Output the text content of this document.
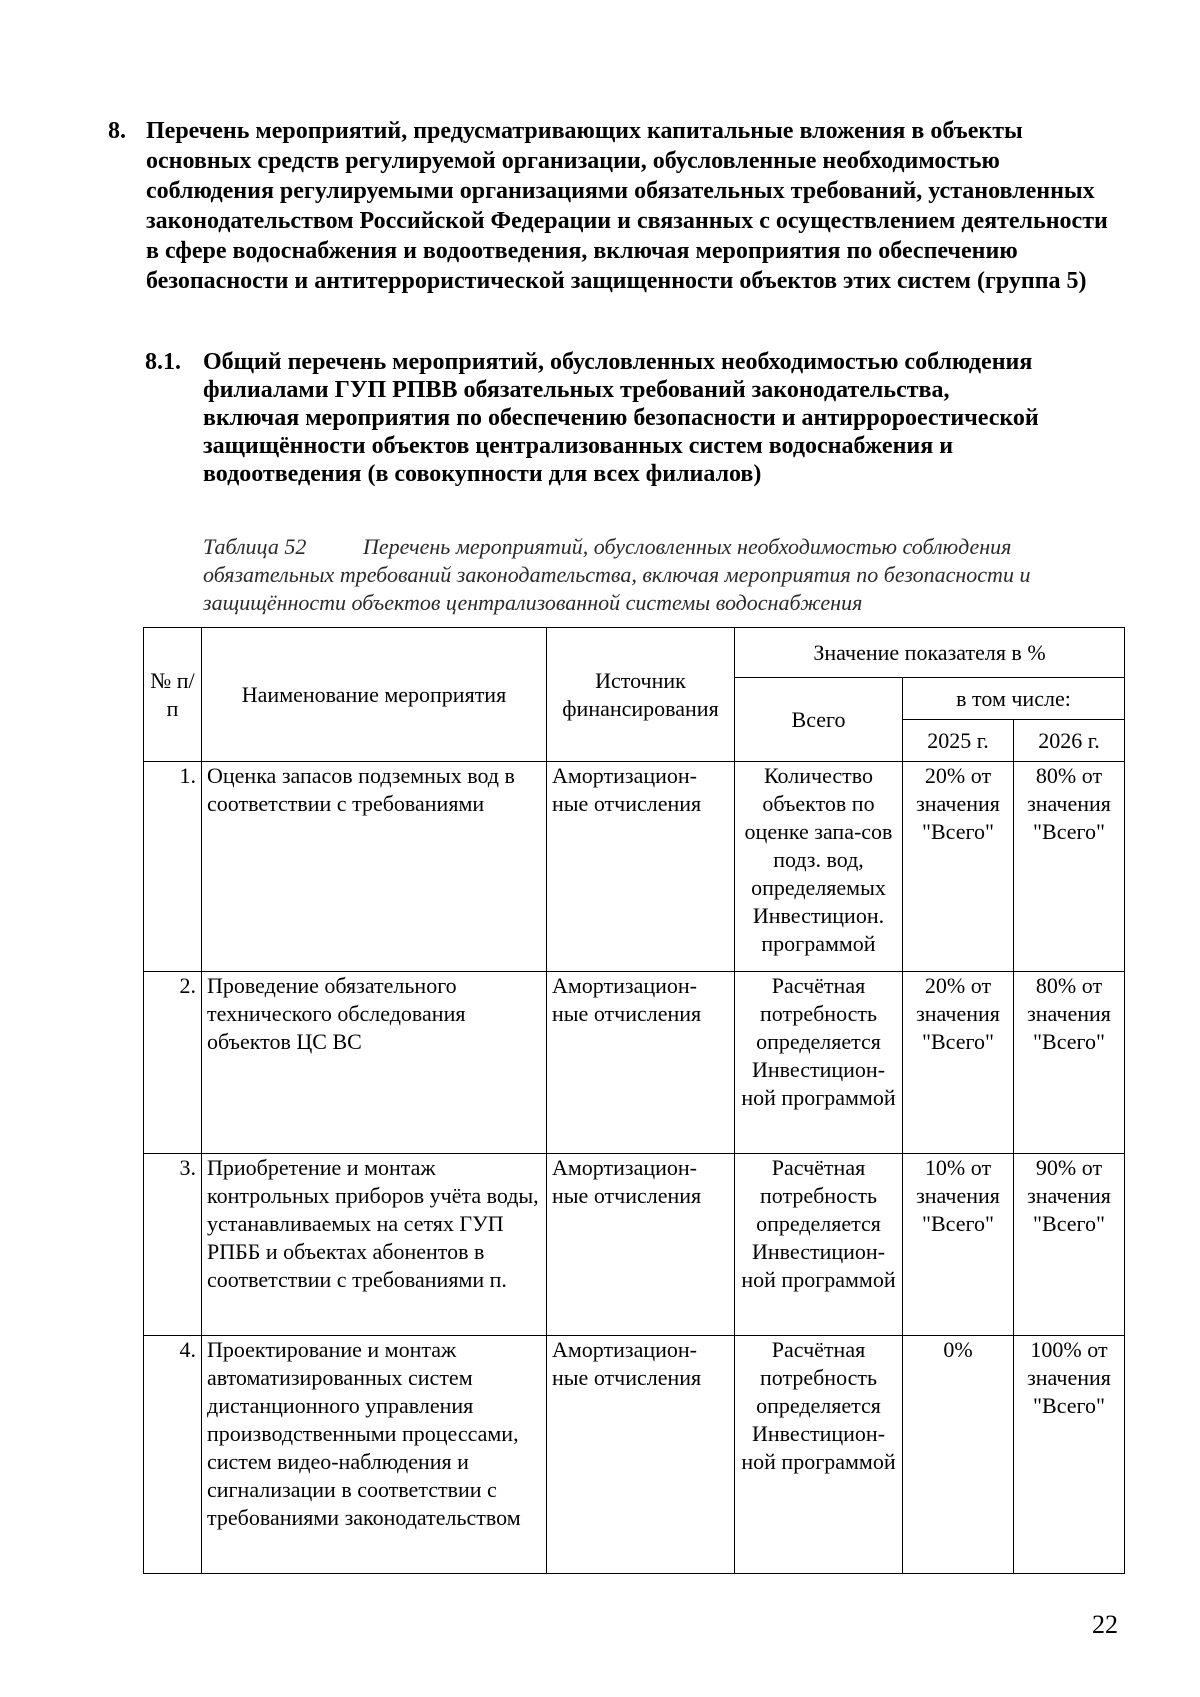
8. Перечень мероприятий, предусматривающих капитальные вложения в объекты основных средств регулируемой организации, обусловленные необходимостью соблюдения регулируемыми организациями обязательных требований, установленных законодательством Российской Федерации и связанных с осуществлением деятельности в сфере водоснабжения и водоотведения, включая мероприятия по обеспечению безопасности и антитеррористической защищенности объектов этих систем (группа 5)
8.1. Общий перечень мероприятий, обусловленных необходимостью соблюдения филиалами ГУП РПВВ обязательных требований законодательства, включая мероприятия по обеспечению безопасности и антирророестической защищённости объектов централизованных систем водоснабжения и водоотведения (в совокупности для всех филиалов)
Таблица 52	Перечень мероприятий, обусловленных необходимостью соблюдения обязательных требований законодательства, включая мероприятия по безопасности и защищённости объектов централизованной системы водоснабжения
№ п/п	Наименование мероприятия	Источник финансирования	Значение показателя в %		
			Всего	в том числе:	
				2025 г.	2026 г.
1.	Оценка запасов подземных вод в соответствии с требованиями	Амортизацион-ные отчисления	Количество объектов по оценке запа-сов подз. вод, определяемых Инвестицион. программой	20% от значения "Всего"	80% от значения "Всего"
2.	Проведение обязательного технического обследования объектов ЦС ВС	Амортизацион-ные отчисления	Расчётная потребность определяется Инвестицион-ной программой	20% от значения "Всего"	80% от значения "Всего"
3.	Приобретение и монтаж контрольных приборов учёта воды, устанавливаемых на сетях ГУП РПББ и объектах абонентов в соответствии с требованиями п.	Амортизацион-ные отчисления	Расчётная потребность определяется Инвестицион-ной программой	10% от значения "Всего"	90% от значения "Всего"
4.	Проектирование и монтаж автоматизированных систем дистанционного управления производственными процессами, систем видео-наблюдения и сигнализации в соответствии с требованиями законодательством	Амортизацион-ные отчисления	Расчётная потребность определяется Инвестицион-ной программой	0%	100% от значения "Всего"
22
